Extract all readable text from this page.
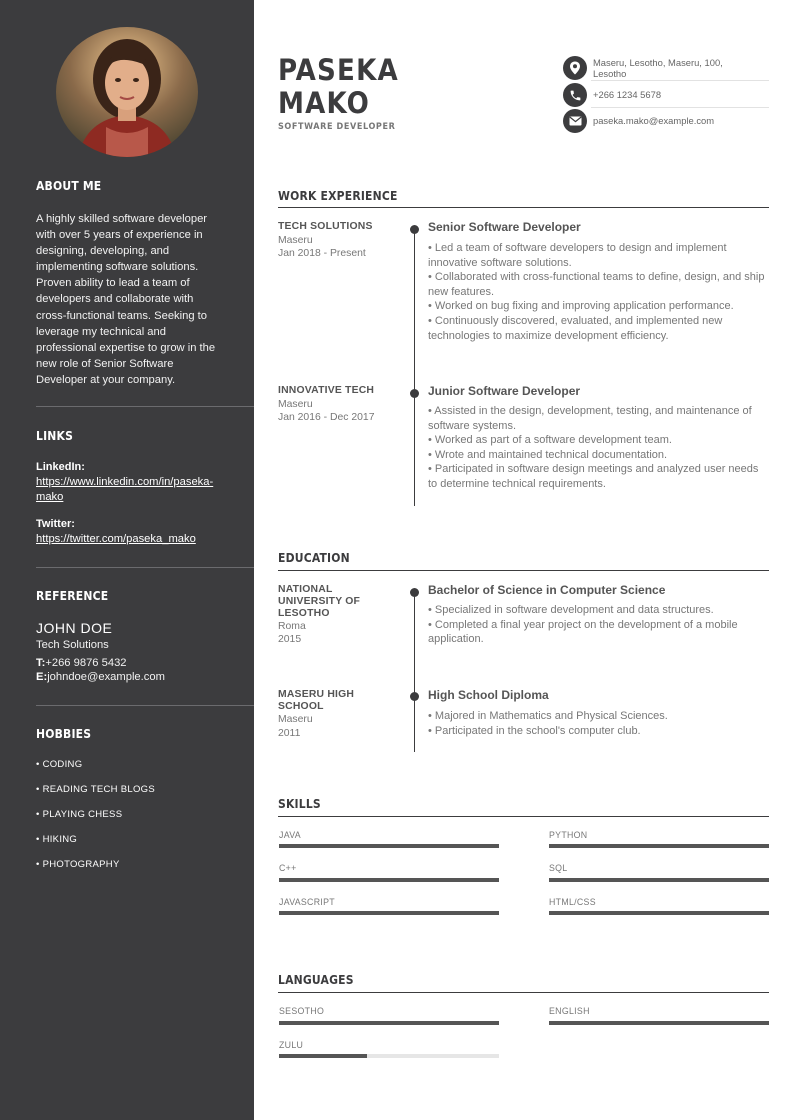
ABOUT ME
A highly skilled software developer with over 5 years of experience in designing, developing, and implementing software solutions. Proven ability to lead a team of developers and collaborate with cross-functional teams. Seeking to leverage my technical and professional expertise to grow in the new role of Senior Software Developer at your company.
LINKS
LinkedIn:
https://www.linkedin.com/in/paseka-mako
Twitter:
https://twitter.com/paseka_mako
REFERENCE
JOHN DOE
Tech Solutions
T:+266 9876 5432
E:johndoe@example.com
HOBBIES
• CODING
• READING TECH BLOGS
• PLAYING CHESS
• HIKING
• PHOTOGRAPHY
PASEKA
MAKO
SOFTWARE DEVELOPER
Maseru, Lesotho, Maseru, 100, Lesotho
+266 1234 5678
paseka.mako@example.com
WORK EXPERIENCE
TECH SOLUTIONS
Maseru
Jan 2018 - Present
Senior Software Developer
• Led a team of software developers to design and implement innovative software solutions.
• Collaborated with cross-functional teams to define, design, and ship new features.
• Worked on bug fixing and improving application performance.
• Continuously discovered, evaluated, and implemented new technologies to maximize development efficiency.
INNOVATIVE TECH
Maseru
Jan 2016 - Dec 2017
Junior Software Developer
• Assisted in the design, development, testing, and maintenance of software systems.
• Worked as part of a software development team.
• Wrote and maintained technical documentation.
• Participated in software design meetings and analyzed user needs to determine technical requirements.
EDUCATION
NATIONAL UNIVERSITY OF LESOTHO
Roma
2015
Bachelor of Science in Computer Science
• Specialized in software development and data structures.
• Completed a final year project on the development of a mobile application.
MASERU HIGH SCHOOL
Maseru
2011
High School Diploma
• Majored in Mathematics and Physical Sciences.
• Participated in the school's computer club.
SKILLS
JAVA	PYTHON
C++	SQL
JAVASCRIPT	HTML/CSS
LANGUAGES
SESOTHO	ENGLISH
ZULU
